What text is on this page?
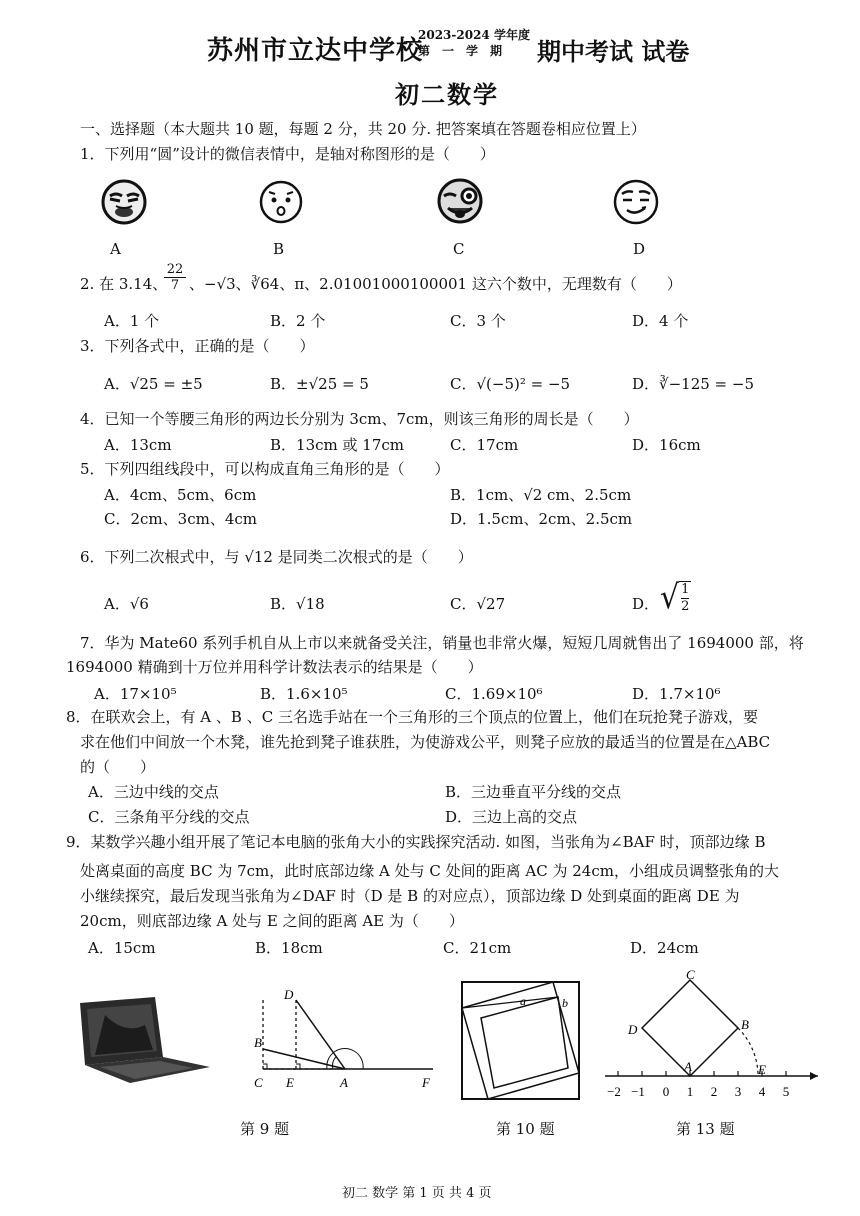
苏州市立达中学校
2023-2024 学年度
第　一　学　期 期中考试 试卷
初二数学
一、选择题（本大题共 10 题，每题 2 分，共 20 分. 把答案填在答题卷相应位置上）
1．下列用“圆”设计的微信表情中，是轴对称图形的是（　　）
A	B	C	D
2. 在 3.14、
$\frac{22}{7}$ 、−√3、∛64、π、2.01001000100001 这六个数中，无理数有（　　）
A．1 个	B．2 个	C．3 个	D．4 个
3．下列各式中，正确的是（　　）
A．√25 = ±5	B．±√25 = 5	C．√(−5)² = −5	D．∛−125 = −5
4．已知一个等腰三角形的两边长分别为 3cm、7cm，则该三角形的周长是（　　）
A．13cm	B．13cm 或 17cm	C．17cm	D．16cm
5．下列四组线段中，可以构成直角三角形的是（　　）
A．4cm、5cm、6cm	B．1cm、√2 cm、2.5cm
C．2cm、3cm、4cm	D．1.5cm、2cm、2.5cm
6．下列二次根式中，与 √12 是同类二次根式的是（　　）
A．√6	B．√18	C．√27	D． √ $\frac{1}{2}$
7．华为 Mate60 系列手机自从上市以来就备受关注，销量也非常火爆，短短几周就售出了 1694000 部，将
1694000 精确到十万位并用科学计数法表示的结果是（　　）
A．17×10⁵	B．1.6×10⁵	C．1.69×10⁶	D．1.7×10⁶
8．在联欢会上，有 A 、B 、C 三名选手站在一个三角形的三个顶点的位置上，他们在玩抢凳子游戏，要
求在他们中间放一个木凳，谁先抢到凳子谁获胜，为使游戏公平，则凳子应放的最适当的位置是在△ABC
的（　　）
A．三边中线的交点	B．三边垂直平分线的交点
C．三条角平分线的交点	D．三边上高的交点
9．某数学兴趣小组开展了笔记本电脑的张角大小的实践探究活动. 如图，当张角为∠BAF 时，顶部边缘 B
处离桌面的高度 BC 为 7cm，此时底部边缘 A 处与 C 处间的距离 AC 为 24cm，小组成员调整张角的大
小继续探究，最后发现当张角为∠DAF 时（D 是 B 的对应点），顶部边缘 D 处到桌面的距离 DE 为
20cm，则底部边缘 A 处与 E 之间的距离 AE 为（　　）
A．15cm	B．18cm	C．21cm	D．24cm
D
B
C E	A	F
a	b
C
D	B
A	E
−2 −1 0 1 2 3 4 5
第 9 题	第 10 题	第 13 题
初二 数学 第 1 页 共 4 页
